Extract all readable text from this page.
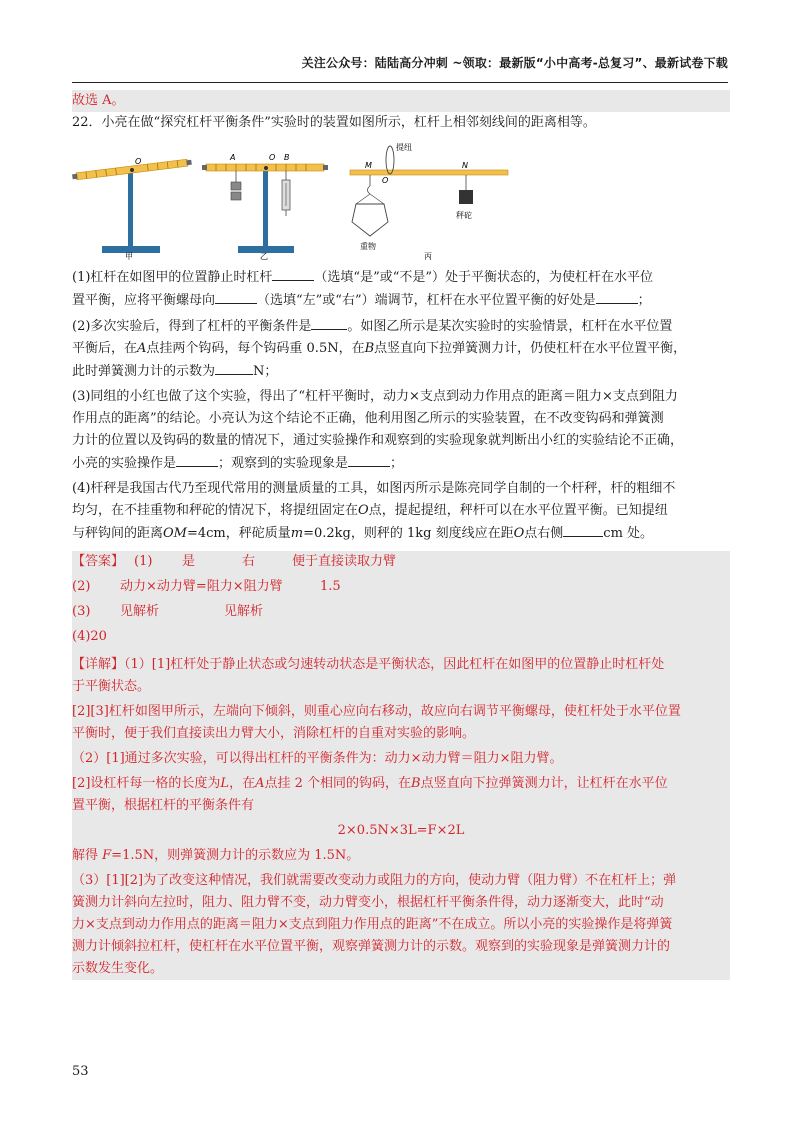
关注公众号：陆陆高分冲刺 ~领取：最新版“小中高考-总复习”、最新试卷下载
故选 A。
22．小亮在做“探究杠杆平衡条件”实验时的装置如图所示，杠杆上相邻刻线间的距离相等。
O
甲
A	O B
乙
M
O
N
提纽
重物
秤砣
丙
(1)杠杆在如图甲的位置静止时杠杆	（选填“是”或“不是”）处于平衡状态的，为使杠杆在水平位
置平衡，应将平衡螺母向	（选填“左”或“右”）端调节，杠杆在水平位置平衡的好处是	；
(2)多次实验后，得到了杠杆的平衡条件是	。如图乙所示是某次实验时的实验情景，杠杆在水平位置
平衡后，在A点挂两个钩码，每个钩码重 0.5N，在B点竖直向下拉弹簧测力计，仍使杠杆在水平位置平衡，
此时弹簧测力计的示数为	N；
(3)同组的小红也做了这个实验，得出了“杠杆平衡时，动力×支点到动力作用点的距离＝阻力×支点到阻力
作用点的距离”的结论。小亮认为这个结论不正确，他利用图乙所示的实验装置，在不改变钩码和弹簧测
力计的位置以及钩码的数量的情况下，通过实验操作和观察到的实验现象就判断出小红的实验结论不正确，
小亮的实验操作是	；观察到的实验现象是	；
(4)杆秤是我国古代乃至现代常用的测量质量的工具，如图丙所示是陈亮同学自制的一个杆秤，杆的粗细不
均匀，在不挂重物和秤砣的情况下，将提纽固定在O点，提起提纽，秤杆可以在水平位置平衡。已知提纽
与秤钩间的距离OM=4cm，秤砣质量m=0.2kg，则秤的 1kg 刻度线应在距O点右侧	cm 处。
【答案】 (1)	是	右	便于直接读取力臂
(2)	动力×动力臂=阻力×阻力臂	1.5
(3)	见解析	见解析
(4)20
【详解】（1）[1]杠杆处于静止状态或匀速转动状态是平衡状态，因此杠杆在如图甲的位置静止时杠杆处
于平衡状态。
[2][3]杠杆如图甲所示，左端向下倾斜，则重心应向右移动，故应向右调节平衡螺母，使杠杆处于水平位置
平衡时，便于我们直接读出力臂大小，消除杠杆的自重对实验的影响。
（2）[1]通过多次实验，可以得出杠杆的平衡条件为：动力×动力臂＝阻力×阻力臂。
[2]设杠杆每一格的长度为L，在A点挂 2 个相同的钩码，在B点竖直向下拉弹簧测力计，让杠杆在水平位
置平衡，根据杠杆的平衡条件有
2×0.5N×3L=F×2L
解得 F=1.5N，则弹簧测力计的示数应为 1.5N。
（3）[1][2]为了改变这种情况，我们就需要改变动力或阻力的方向，使动力臂（阻力臂）不在杠杆上；弹
簧测力计斜向左拉时，阻力、阻力臂不变，动力臂变小，根据杠杆平衡条件得，动力逐渐变大，此时“动
力×支点到动力作用点的距离＝阻力×支点到阻力作用点的距离”不在成立。所以小亮的实验操作是将弹簧
测力计倾斜拉杠杆，使杠杆在水平位置平衡，观察弹簧测力计的示数。观察到的实验现象是弹簧测力计的
示数发生变化。
53
